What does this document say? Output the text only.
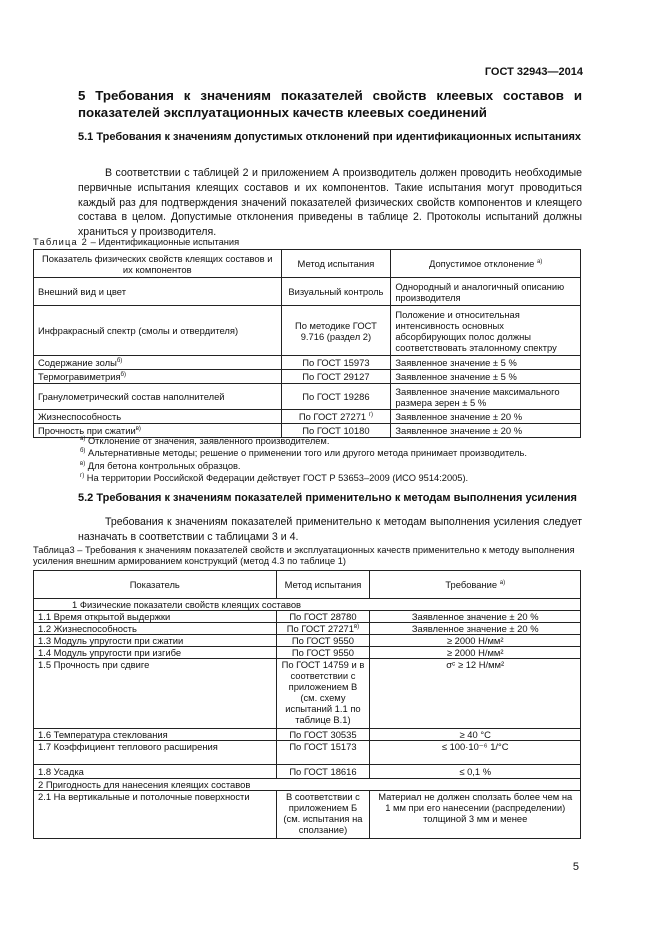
ГОСТ 32943—2014
5 Требования к значениям показателей свойств клеевых составов и показателей эксплуатационных качеств клеевых соединений
5.1 Требования к значениям допустимых отклонений при идентификационных испытаниях
В соответствии с таблицей 2 и приложением А производитель должен проводить необходимые первичные испытания клеящих составов и их компонентов. Такие испытания могут проводиться каждый раз для подтверждения значений показателей физических свойств компонентов и клеящего состава в целом. Допустимые отклонения приведены в таблице 2. Протоколы испытаний должны храниться у производителя.
Таблица 2 – Идентификационные испытания
Показатель физических свойств клеящих составов и их компонентов	Метод испытания	Допустимое отклонение $^{а)}$
Внешний вид и цвет	Визуальный контроль	Однородный и аналогичный описанию производителя
Инфракрасный спектр (смолы и отвердителя)	По методике ГОСТ 9.716 (раздел 2)	Положение и относительная интенсивность основных абсорбирующих полос должны соответствовать эталонному спектру
Содержание золы$^{б)}$	По ГОСТ 15973	Заявленное значение ± 5 %
Термогравиметрия$^{б)}$	По ГОСТ 29127	Заявленное значение ± 5 %
Гранулометрический состав наполнителей	По ГОСТ 19286	Заявленное значение максимального размера зерен ± 5 %
Жизнеспособность	По ГОСТ 27271 $^{г)}$	Заявленное значение ± 20 %
Прочность при сжатии$^{в)}$	По ГОСТ 10180	Заявленное значение ± 20 %
$^{а)}$ Отклонение от значения, заявленного производителем.
$^{б)}$ Альтернативные методы; решение о применении того или другого метода принимает производитель.
$^{в)}$ Для бетона контрольных образцов.
$^{г)}$ На территории Российской Федерации действует ГОСТ Р 53653–2009 (ИСО 9514:2005).
5.2 Требования к значениям показателей применительно к методам выполнения усиления
Требования к значениям показателей применительно к методам выполнения усиления следует назначать в соответствии с таблицами 3 и 4.
Таблица3 – Требования к значениям показателей свойств и эксплуатационных качеств применительно к методу выполнения усиления внешним армированием конструкций (метод 4.3 по таблице 1)
Показатель	Метод испытания	Требование $^{а)}$
1 Физические показатели свойств клеящих составов		
1.1 Время открытой выдержки	По ГОСТ 28780	Заявленное значение ± 20 %
1.2 Жизнеспособность	По ГОСТ $27271^{в)}$	Заявленное значение ± 20 %
1.3 Модуль упругости при сжатии	По ГОСТ 9550	≥ 2000 Н/мм²
1.4 Модуль упругости при изгибе	По ГОСТ 9550	≥ 2000 Н/мм²
1.5 Прочность при сдвиге	По ГОСТ 14759 и в соответствии с приложением В (см. схему испытаний 1.1 по таблице В.1)	σᶜ ≥ 12 Н/мм²
1.6 Температура стеклования	По ГОСТ 30535	≥ 40 °С
1.7 Коэффициент теплового расширения	По ГОСТ 15173	≤ 100·10⁻⁶ 1/°С
1.8 Усадка	По ГОСТ 18616	≤ 0,1 %
2 Пригодность для нанесения клеящих составов		
2.1 На вертикальные и потолочные поверхности	В соответствии с приложением Б (см. испытания на сползание)	Материал не должен сползать более чем на 1 мм при его нанесении (распределении) толщиной 3 мм и менее
5
